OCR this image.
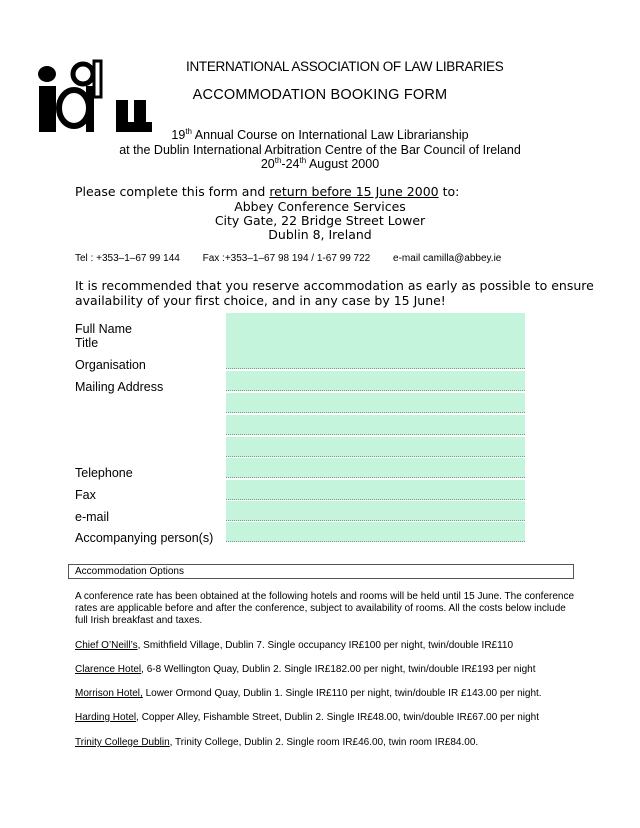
INTERNATIONAL ASSOCIATION OF LAW LIBRARIES
ACCOMMODATION BOOKING FORM
19th Annual Course on International Law Librarianship
at the Dublin International Arbitration Centre of the Bar Council of Ireland
20th-24th August 2000
Please complete this form and return before 15 June 2000 to:
Abbey Conference Services
City Gate, 22 Bridge Street Lower
Dublin 8, Ireland
Tel : +353–1–67 99 144 Fax :+353–1–67 98 194 / 1-67 99 722 e-mail camilla@abbey.ie
It is recommended that you reserve accommodation as early as possible to ensure availability of your first choice, and in any case by 15 June!
Full Name
Title
Organisation
Mailing Address
Telephone
Fax
e-mail
Accompanying person(s)
Accommodation Options
A conference rate has been obtained at the following hotels and rooms will be held until 15 June. The conference rates are applicable before and after the conference, subject to availability of rooms. All the costs below include full Irish breakfast and taxes.
Chief O’Neill’s, Smithfield Village, Dublin 7. Single occupancy IR£100 per night, twin/double IR£110
Clarence Hotel, 6-8 Wellington Quay, Dublin 2. Single IR£182.00 per night, twin/double IR£193 per night
Morrison Hotel, Lower Ormond Quay, Dublin 1. Single IR£110 per night, twin/double IR £143.00 per night.
Harding Hotel, Copper Alley, Fishamble Street, Dublin 2. Single IR£48.00, twin/double IR£67.00 per night
Trinity College Dublin, Trinity College, Dublin 2. Single room IR£46.00, twin room IR£84.00.
